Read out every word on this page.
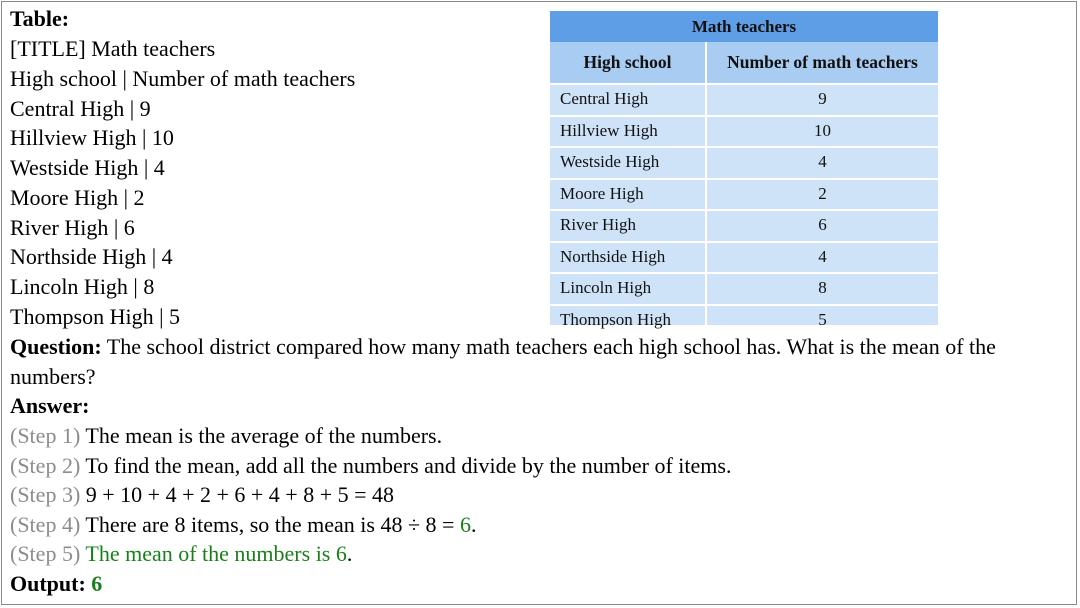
Table:
[TITLE] Math teachers
High school | Number of math teachers
Central High | 9
Hillview High | 10
Westside High | 4
Moore High | 2
River High | 6
Northside High | 4
Lincoln High | 8
Thompson High | 5
Math teachers
High school	Number of math teachers
Central High	9
Hillview High	10
Westside High	4
Moore High	2
River High	6
Northside High	4
Lincoln High	8
Thompson High	5
Question: The school district compared how many math teachers each high school has. What is the mean of the numbers?
Answer:
(Step 1) The mean is the average of the numbers.
(Step 2) To find the mean, add all the numbers and divide by the number of items.
(Step 3) 9 + 10 + 4 + 2 + 6 + 4 + 8 + 5 = 48
(Step 4) There are 8 items, so the mean is 48 ÷ 8 = 6.
(Step 5) The mean of the numbers is 6.
Output: 6
